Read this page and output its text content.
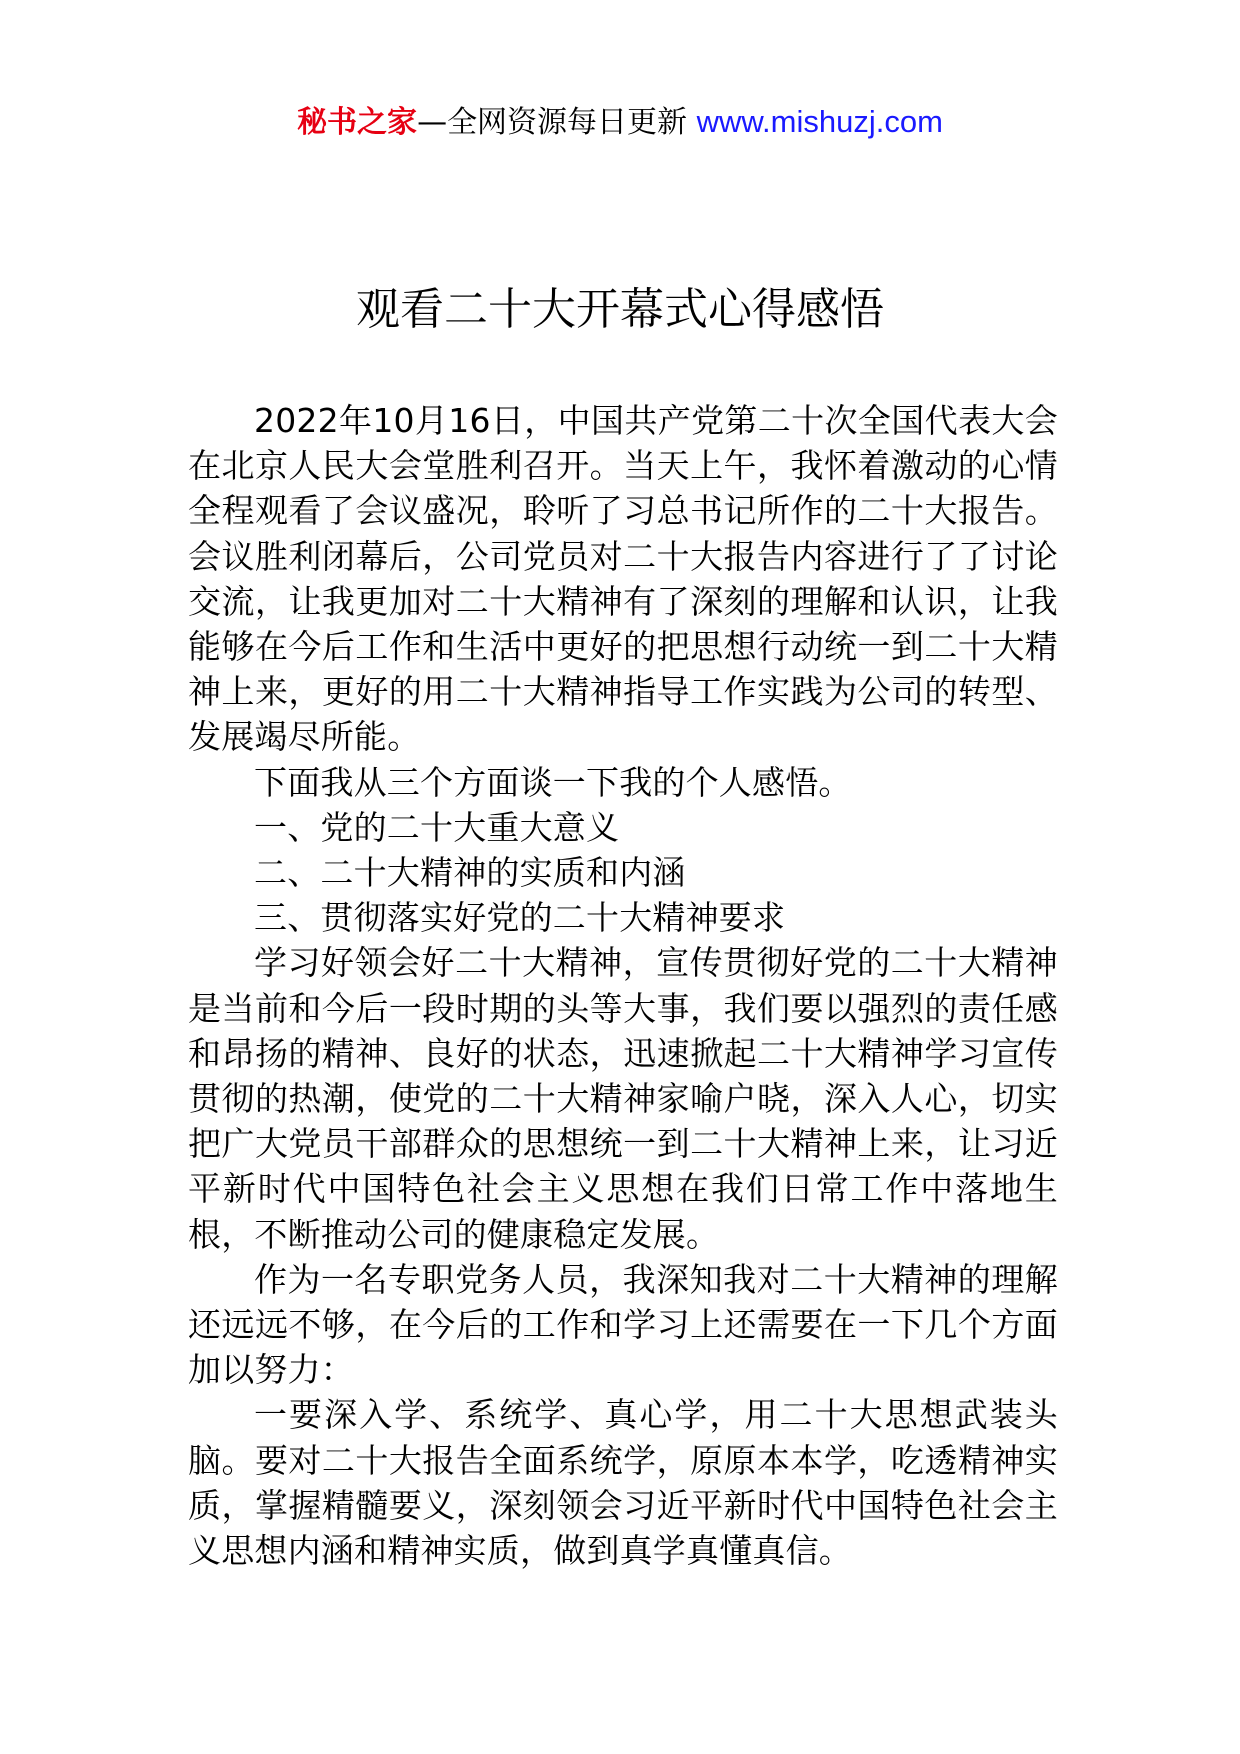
秘书之家—全网资源每日更新 www.mishuzj.com
观看二十大开幕式心得感悟

2022年10月16日，中国共产党第二十次全国代表大会在北京人民大会堂胜利召开。当天上午，我怀着激动的心情全程观看了会议盛况，聆听了习总书记所作的二十大报告。会议胜利闭幕后，公司党员对二十大报告内容进行了了讨论交流，让我更加对二十大精神有了深刻的理解和认识，让我能够在今后工作和生活中更好的把思想行动统一到二十大精神上来，更好的用二十大精神指导工作实践为公司的转型、发展竭尽所能。

下面我从三个方面谈一下我的个人感悟。

一、党的二十大重大意义

二、二十大精神的实质和内涵

三、贯彻落实好党的二十大精神要求

学习好领会好二十大精神，宣传贯彻好党的二十大精神是当前和今后一段时期的头等大事，我们要以强烈的责任感和昂扬的精神、良好的状态，迅速掀起二十大精神学习宣传贯彻的热潮，使党的二十大精神家喻户晓，深入人心，切实把广大党员干部群众的思想统一到二十大精神上来，让习近平新时代中国特色社会主义思想在我们日常工作中落地生根，不断推动公司的健康稳定发展。

作为一名专职党务人员，我深知我对二十大精神的理解还远远不够，在今后的工作和学习上还需要在一下几个方面加以努力：

一要深入学、系统学、真心学，用二十大思想武装头脑。要对二十大报告全面系统学，原原本本学，吃透精神实质，掌握精髓要义，深刻领会习近平新时代中国特色社会主义思想内涵和精神实质，做到真学真懂真信。
